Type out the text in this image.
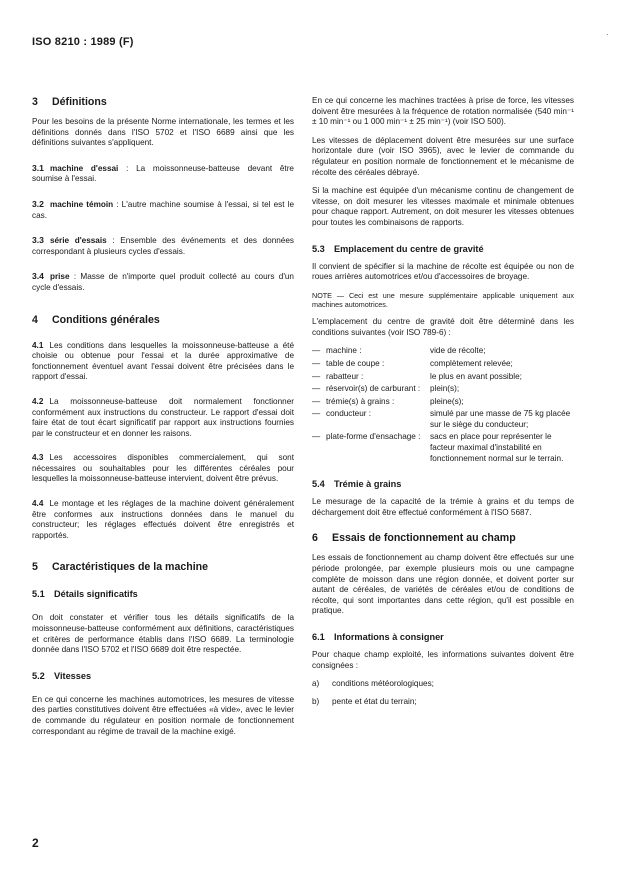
ISO 8210 : 1989 (F)
·
3 Définitions

Pour les besoins de la présente Norme internationale, les termes et les définitions donnés dans l'ISO 5702 et l'ISO 6689 ainsi que les définitions suivantes s'appliquent.

3.1 machine d'essai : La moissonneuse-batteuse devant être soumise à l'essai.

3.2 machine témoin : L'autre machine soumise à l'essai, si tel est le cas.

3.3 série d'essais : Ensemble des événements et des données correspondant à plusieurs cycles d'essais.

3.4 prise : Masse de n'importe quel produit collecté au cours d'un cycle d'essais.

4 Conditions générales

4.1 Les conditions dans lesquelles la moissonneuse-batteuse a été choisie ou obtenue pour l'essai et la durée approximative de fonctionnement éventuel avant l'essai doivent être précisées dans le rapport d'essai.

4.2 La moissonneuse-batteuse doit normalement fonctionner conformément aux instructions du constructeur. Le rapport d'essai doit faire état de tout écart significatif par rapport aux instructions fournies par le constructeur et en donner les raisons.

4.3 Les accessoires disponibles commercialement, qui sont nécessaires ou souhaitables pour les différentes céréales pour lesquelles la moissonneuse-batteuse intervient, doivent être prévus.

4.4 Le montage et les réglages de la machine doivent généralement être conformes aux instructions données dans le manuel du constructeur; les réglages effectués doivent être enregistrés et rapportés.

5 Caractéristiques de la machine
5.1 Détails significatifs

On doit constater et vérifier tous les détails significatifs de la moissonneuse-batteuse conformément aux définitions, caractéristiques et critères de performance établis dans l'ISO 6689. La terminologie donnée dans l'ISO 5702 et l'ISO 6689 doit être respectée.

5.2 Vitesses

En ce qui concerne les machines automotrices, les mesures de vitesse des parties constitutives doivent être effectuées «à vide», avec le levier de commande du régulateur en position normale de fonctionnement correspondant au régime de travail de la machine exigé.

En ce qui concerne les machines tractées à prise de force, les vitesses doivent être mesurées à la fréquence de rotation normalisée (540 min⁻¹ ± 10 min⁻¹ ou 1 000 min⁻¹ ± 25 min⁻¹) (voir ISO 500).

Les vitesses de déplacement doivent être mesurées sur une surface horizontale dure (voir ISO 3965), avec le levier de commande du régulateur en position normale de fonctionnement et le mécanisme de récolte des céréales débrayé.

Si la machine est équipée d'un mécanisme continu de changement de vitesse, on doit mesurer les vitesses maximale et minimale obtenues pour chaque rapport. Autrement, on doit mesurer les vitesses obtenues pour toutes les combinaisons de rapports.

5.3 Emplacement du centre de gravité

Il convient de spécifier si la machine de récolte est équipée ou non de roues arrières automotrices et/ou d'accessoires de broyage.

NOTE — Ceci est une mesure supplémentaire applicable uniquement aux machines automotrices.

L'emplacement du centre de gravité doit être déterminé dans les conditions suivantes (voir ISO 789-6) :

— machine :	vide de récolte;
— table de coupe :	complètement relevée;
— rabatteur :	le plus en avant possible;
— réservoir(s) de carburant :	plein(s);
— trémie(s) à grains :	pleine(s);
— conducteur :	simulé par une masse de 75 kg placée sur le siège du conducteur;
— plate-forme d'ensachage :	sacs en place pour représenter le facteur maximal d'instabilité en fonctionnement normal sur le terrain.
5.4 Trémie à grains

Le mesurage de la capacité de la trémie à grains et du temps de déchargement doit être effectué conformément à l'ISO 5687.

6 Essais de fonctionnement au champ

Les essais de fonctionnement au champ doivent être effectués sur une période prolongée, par exemple plusieurs mois ou une campagne complète de moisson dans une région donnée, et doivent porter sur autant de céréales, de variétés de céréales et/ou de conditions de récolte, qui sont importantes dans cette région, qu'il est possible en pratique.

6.1 Informations à consigner

Pour chaque champ exploité, les informations suivantes doivent être consignées :

a)	conditions météorologiques;
b)	pente et état du terrain;
2
